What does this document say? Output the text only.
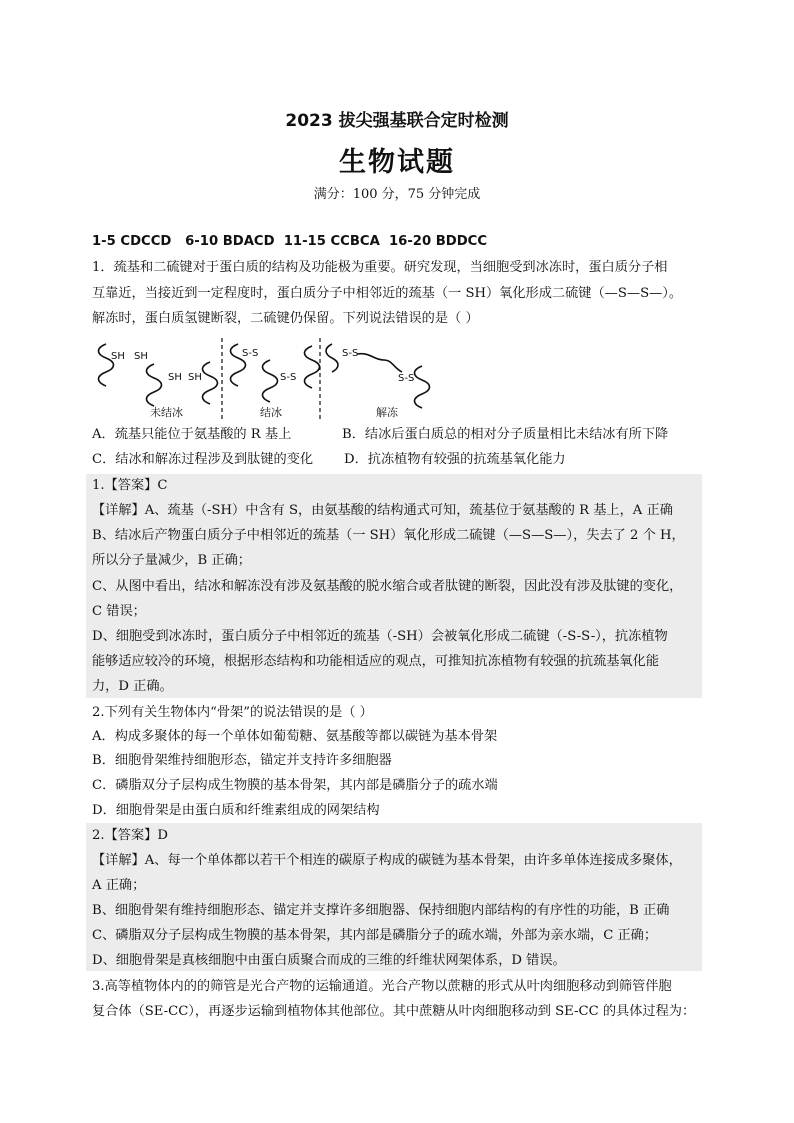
2023 拔尖强基联合定时检测
生物试题
满分：100 分，75 分钟完成
1-5 CDCCD   6-10 BDACD  11-15 CCBCA  16-20 BDDCC
1．巯基和二硫键对于蛋白质的结构及功能极为重要。研究发现，当细胞受到冰冻时，蛋白质分子相
互靠近，当接近到一定程度时，蛋白质分子中相邻近的巯基（一 SH）氧化形成二硫键（—S—S—）。
解冻时，蛋白质氢键断裂，二硫键仍保留。下列说法错误的是（ ）
SH SH
SH SH
S-S
S-S
S-S
S-S
未结冰	结冰	解冻
A．巯基只能位于氨基酸的 R 基上	B．结冰后蛋白质总的相对分子质量相比未结冰有所下降
C．结冰和解冻过程涉及到肽键的变化	D．抗冻植物有较强的抗巯基氧化能力
1.【答案】C
【详解】A、巯基（-SH）中含有 S，由氨基酸的结构通式可知，巯基位于氨基酸的 R 基上，A 正确
B、结冰后产物蛋白质分子中相邻近的巯基（一 SH）氧化形成二硫键（—S—S—），失去了 2 个 H，
所以分子量减少，B 正确；
C、从图中看出，结冰和解冻没有涉及氨基酸的脱水缩合或者肽键的断裂，因此没有涉及肽键的变化，
C 错误；
D、细胞受到冰冻时，蛋白质分子中相邻近的巯基（-SH）会被氧化形成二硫键（-S-S-），抗冻植物
能够适应较冷的环境，根据形态结构和功能相适应的观点，可推知抗冻植物有较强的抗巯基氧化能
力，D 正确。
2.下列有关生物体内“骨架”的说法错误的是（ ）
A．构成多聚体的每一个单体如葡萄糖、氨基酸等都以碳链为基本骨架
B．细胞骨架维持细胞形态，锚定并支持许多细胞器
C．磷脂双分子层构成生物膜的基本骨架，其内部是磷脂分子的疏水端
D．细胞骨架是由蛋白质和纤维素组成的网架结构
2.【答案】D
【详解】A、每一个单体都以若干个相连的碳原子构成的碳链为基本骨架，由许多单体连接成多聚体，
A 正确；
B、细胞骨架有维持细胞形态、锚定并支撑许多细胞器、保持细胞内部结构的有序性的功能，B 正确
C、磷脂双分子层构成生物膜的基本骨架，其内部是磷脂分子的疏水端，外部为亲水端，C 正确；
D、细胞骨架是真核细胞中由蛋白质聚合而成的三维的纤维状网架体系，D 错误。
3.高等植物体内的的筛管是光合产物的运输通道。光合产物以蔗糖的形式从叶肉细胞移动到筛管伴胞
复合体（SE-CC），再逐步运输到植物体其他部位。其中蔗糖从叶肉细胞移动到 SE-CC 的具体过程为：
